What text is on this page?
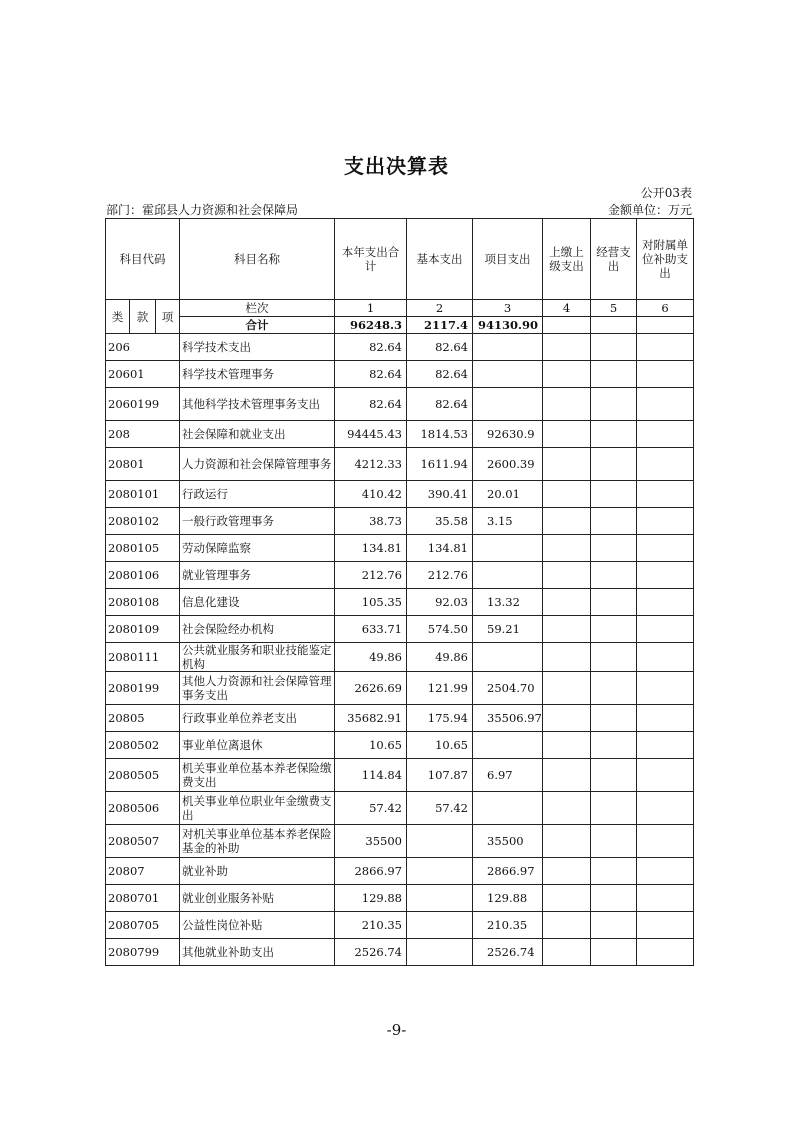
支出决算表
公开03表
部门：霍邱县人力资源和社会保障局	金额单位：万元
科目代码			科目名称	本年支出合计	基本支出	项目支出	上缴上级支出	经营支出	对附属单位补助支出
类	款	项	栏次	1	2	3	4	5	6
			合计	96248.3	2117.4	94130.90			
206			科学技术支出	82.64	82.64				
20601			科学技术管理事务	82.64	82.64				
2060199			其他科学技术管理事务支出	82.64	82.64				
208			社会保障和就业支出	94445.43	1814.53	92630.9			
20801			人力资源和社会保障管理事务	4212.33	1611.94	2600.39			
2080101			行政运行	410.42	390.41	20.01			
2080102			一般行政管理事务	38.73	35.58	3.15			
2080105			劳动保障监察	134.81	134.81				
2080106			就业管理事务	212.76	212.76				
2080108			信息化建设	105.35	92.03	13.32			
2080109			社会保险经办机构	633.71	574.50	59.21			
2080111			公共就业服务和职业技能鉴定机构	49.86	49.86				
2080199			其他人力资源和社会保障管理事务支出	2626.69	121.99	2504.70			
20805			行政事业单位养老支出	35682.91	175.94	35506.97			
2080502			事业单位离退休	10.65	10.65				
2080505			机关事业单位基本养老保险缴费支出	114.84	107.87	6.97			
2080506			机关事业单位职业年金缴费支出	57.42	57.42				
2080507			对机关事业单位基本养老保险基金的补助	35500		35500			
20807			就业补助	2866.97		2866.97			
2080701			就业创业服务补贴	129.88		129.88			
2080705			公益性岗位补贴	210.35		210.35			
2080799			其他就业补助支出	2526.74		2526.74			
-9-
